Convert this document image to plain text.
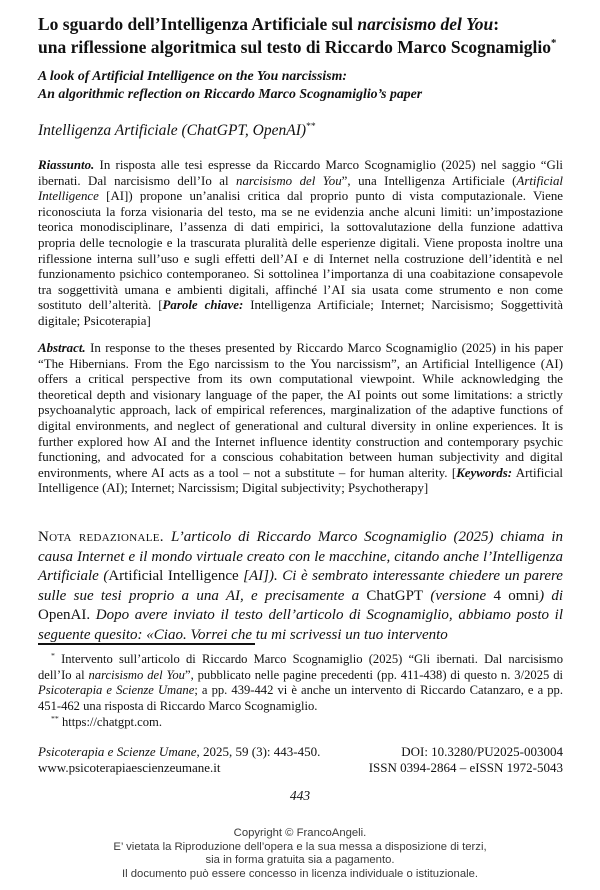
Lo sguardo dell’Intelligenza Artificiale sul narcisismo del You:
una riflessione algoritmica sul testo di Riccardo Marco Scognamiglio*
A look of Artificial Intelligence on the You narcissism:
An algorithmic reflection on Riccardo Marco Scognamiglio’s paper
Intelligenza Artificiale (ChatGPT, OpenAI)**

Riassunto. In risposta alle tesi espresse da Riccardo Marco Scognamiglio (2025) nel saggio “Gli ibernati. Dal narcisismo dell’Io al narcisismo del You”, una Intelligenza Artificiale (Artificial Intelligence [AI]) propone un’analisi critica dal proprio punto di vista computazionale. Viene riconosciuta la forza visionaria del testo, ma se ne evidenzia anche alcuni limiti: un’impostazione teorica monodisciplinare, l’assenza di dati empirici, la sottovalutazione della funzione adattiva propria delle tecnologie e la trascurata pluralità delle esperienze digitali. Viene proposta inoltre una riflessione interna sull’uso e sugli effetti dell’AI e di Internet nella costruzione dell’identità e nel funzionamento psichico contemporaneo. Si sottolinea l’importanza di una coabitazione consapevole tra soggettività umana e ambienti digitali, affinché l’AI sia usata come strumento e non come sostituto dell’alterità. [Parole chiave: Intelligenza Artificiale; Internet; Narcisismo; Soggettività digitale; Psicoterapia]

Abstract. In response to the theses presented by Riccardo Marco Scognamiglio (2025) in his paper “The Hibernians. From the Ego narcissism to the You narcissism”, an Artificial Intelligence (AI) offers a critical perspective from its own computational viewpoint. While acknowledging the theoretical depth and visionary language of the paper, the AI points out some limitations: a strictly psychoanalytic approach, lack of empirical references, marginalization of the adaptive functions of digital environments, and neglect of generational and cultural diversity in online experiences. It is further explored how AI and the Internet influence identity construction and contemporary psychic functioning, and advocated for a conscious cohabitation between human subjectivity and digital environments, where AI acts as a tool – not a substitute – for human alterity. [Keywords: Artificial Intelligence (AI); Internet; Narcissism; Digital subjectivity; Psychotherapy]

Nota redazionale. L’articolo di Riccardo Marco Scognamiglio (2025) chiama in causa Internet e il mondo virtuale creato con le macchine, citando anche l’Intelligenza Artificiale (Artificial Intelligence [AI]). Ci è sembrato interessante chiedere un parere sulle sue tesi proprio a una AI, e precisamente a ChatGPT (versione 4 omni) di OpenAI. Dopo avere inviato il testo dell’articolo di Scognamiglio, abbiamo posto il seguente quesito: «Ciao. Vorrei che tu mi scrivessi un tuo intervento

* Intervento sull’articolo di Riccardo Marco Scognamiglio (2025) “Gli ibernati. Dal narcisismo dell’Io al narcisismo del You”, pubblicato nelle pagine precedenti (pp. 411-438) di questo n. 3/2025 di Psicoterapia e Scienze Umane; a pp. 439-442 vi è anche un intervento di Riccardo Catanzaro, e a pp. 451-462 una risposta di Riccardo Marco Scognamiglio.

** https://chatgpt.com.

Psicoterapia e Scienze Umane, 2025, 59 (3): 443-450.	DOI: 10.3280/PU2025-003004
www.psicoterapiaescienzeumane.it	ISSN 0394-2864 – eISSN 1972-5043
443
Copyright © FrancoAngeli.
E’ vietata la Riproduzione dell’opera e la sua messa a disposizione di terzi,
sia in forma gratuita sia a pagamento.
Il documento può essere concesso in licenza individuale o istituzionale.
